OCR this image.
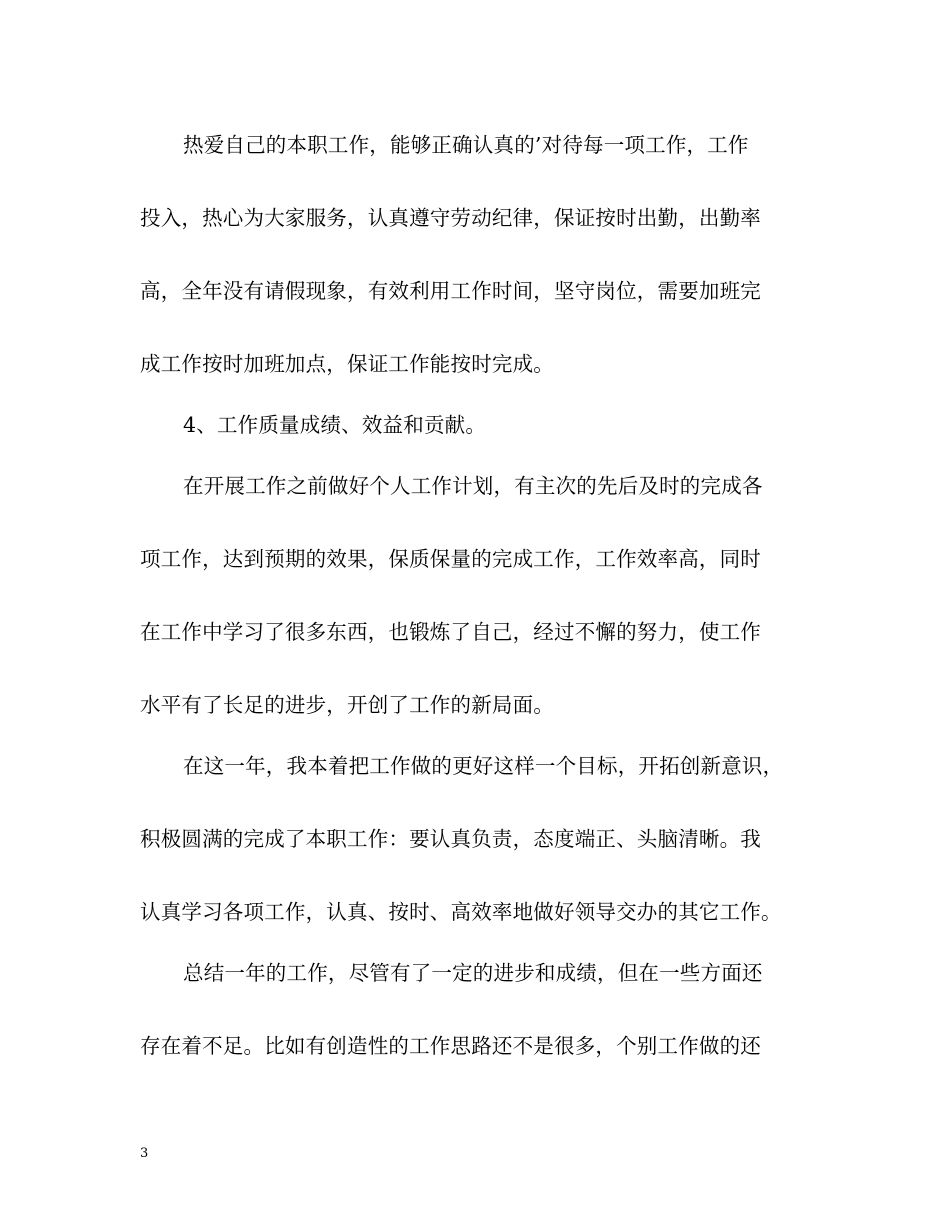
热爱自己的本职工作，能够正确认真的’对待每一项工作，工作
投入，热心为大家服务，认真遵守劳动纪律，保证按时出勤，出勤率
高，全年没有请假现象，有效利用工作时间，坚守岗位，需要加班完
成工作按时加班加点，保证工作能按时完成。
4、工作质量成绩、效益和贡献。
在开展工作之前做好个人工作计划，有主次的先后及时的完成各
项工作，达到预期的效果，保质保量的完成工作，工作效率高，同时
在工作中学习了很多东西，也锻炼了自己，经过不懈的努力，使工作
水平有了长足的进步，开创了工作的新局面。
在这一年，我本着把工作做的更好这样一个目标，开拓创新意识，
积极圆满的完成了本职工作：要认真负责，态度端正、头脑清晰。我
认真学习各项工作，认真、按时、高效率地做好领导交办的其它工作。
总结一年的工作，尽管有了一定的进步和成绩，但在一些方面还
存在着不足。比如有创造性的工作思路还不是很多，个别工作做的还
3
